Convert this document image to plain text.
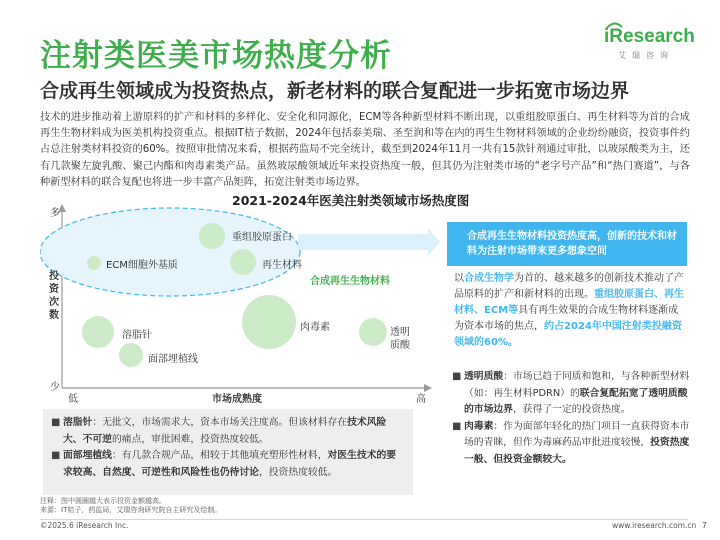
注射类医美市场热度分析
合成再生领域成为投资热点，新老材料的联合复配进一步拓宽市场边界
iResearch
艾瑞咨询
技术的进步推动着上游原料的扩产和材料的多样化、安全化和同源化，ECM等各种新型材料不断出现，以重组胶原蛋白、再生材料等为首的合成再生生物材料成为医美机构投资重点。根据IT桔子数据，2024年包括泰美瑞、圣至润和等在内的再生生物材料领域的企业纷纷融资，投资事件约占总注射类材料投资的60%。按照审批情况来看，根据药监局不完全统计，截至到2024年11月一共有15款针剂通过审批，以玻尿酸类为主，还有几款聚左旋乳酸、聚己内酯和肉毒素类产品。虽然玻尿酸领域近年来投资热度一般，但其仍为注射类市场的“老字号产品”和“热门赛道”，与各种新型材料的联合复配也将进一步丰富产品矩阵，拓宽注射类市场边界。
2021-2024年医美注射类领域市场热度图
多
投资次数
少
低	市场成熟度	高
重组胶原蛋白
ECM细胞外基质	再生材料
合成再生生物材料
肉毒素
溶脂针
面部埋植线
透明质酸
合成再生生物材料投资热度高，创新的技术和材料为注射市场带来更多想象空间
以合成生物学为首的、越来越多的创新技术推动了产品原料的扩产和新材料的出现。重组胶原蛋白、再生材料、ECM等具有再生效果的合成生物材料逐渐成为资本市场的焦点，约占2024年中国注射类投融资领域的60%。
■ 溶脂针：无批文，市场需求大，资本市场关注度高。但该材料存在技术风险大、不可逆的痛点，审批困难，投资热度较低。
■ 面部埋植线：有几款合规产品，相较于其他填充塑形性材料，对医生技术的要求较高、自然度、可逆性和风险性也仍待讨论，投资热度较低。
■ 透明质酸：市场已趋于同质和饱和，与各种新型材料（如：再生材料PDRN）的联合复配拓宽了透明质酸的市场边界，获得了一定的投资热度。
■ 肉毒素：作为面部年轻化的热门项目一直获得资本市场的青睐，但作为毒麻药品审批进度较慢，投资热度一般、但投资金额较大。
注释：图中圆圈越大表示投资金额越高。
来源：IT桔子，药监局，艾瑞咨询研究院自主研究及绘制。
©2025.6 iResearch Inc.	www.iresearch.com.cn 7
